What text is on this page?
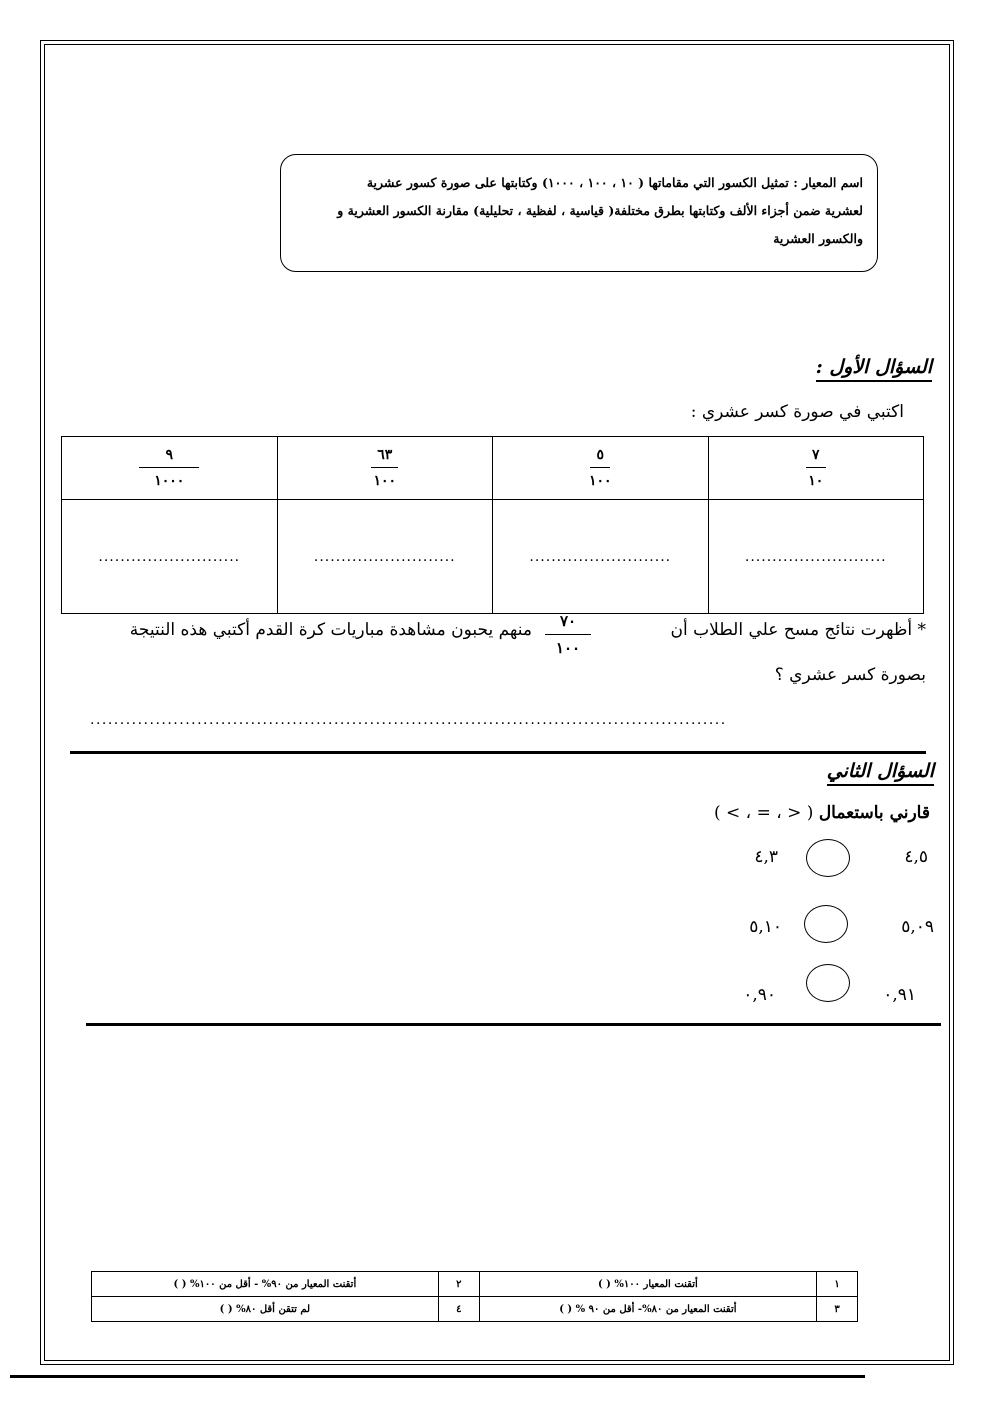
اسم المعيار : تمثيل الكسور التي مقاماتها ( ١٠ ، ١٠٠ ، ١٠٠٠) وكتابتها على صورة كسور عشرية
لعشرية ضمن أجزاء الألف وكتابتها بطرق مختلفة( قياسية ، لفظية ، تحليلية) مقارنة الكسور العشرية و
والكسور العشرية
السؤال الأول :
اكتبي في صورة كسر عشري :
$\frac{٧}{١٠}$	$\frac{٥}{١٠٠}$	$\frac{٦٣}{١٠٠}$	$\frac{٩}{١٠٠٠}$

..........................	..........................	..........................	..........................
* أظهرت نتائج مسح علي الطلاب أن
٧٠
١٠٠
منهم يحبون مشاهدة مباريات كرة القدم أكتبي هذه النتيجة
بصورة كسر عشري ؟
...........................................................................................................
السؤال الثاني
قارني باستعمال ( < ، = ، > )
٤,٥
٤,٣
٥,٠٩
٥,١٠
٠,٩١
٠,٩٠
١	أتقنت المعيار ١٠٠% ( )	٢	أتقنت المعيار من ٩٠% - أقل من ١٠٠% ( )
٣	أتقنت المعيار من ٨٠%- أقل من ٩٠ % ( )	٤	لم تتقن أقل ٨٠% ( )
